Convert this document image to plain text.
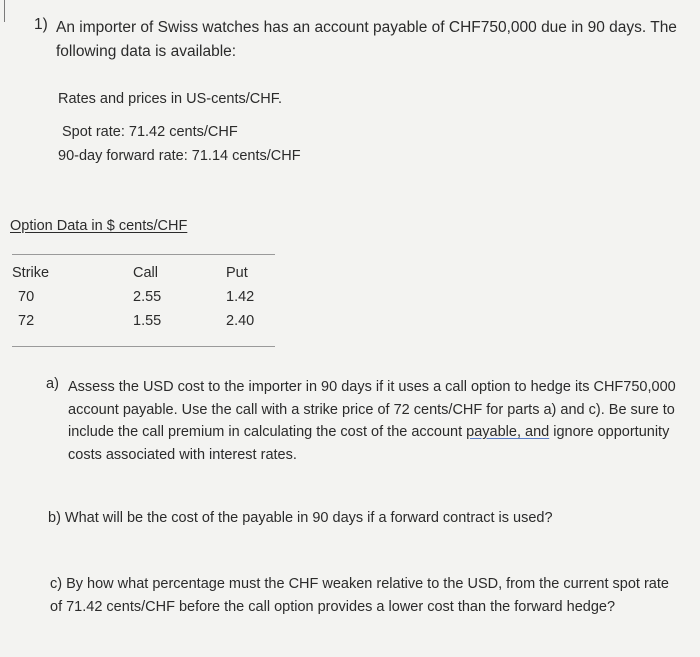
1) An importer of Swiss watches has an account payable of CHF750,000 due in 90 days. The following data is available:
Rates and prices in US-cents/CHF.
Spot rate: 71.42 cents/CHF
90-day forward rate: 71.14 cents/CHF
Option Data in $ cents/CHF
Strike
70
72
Call
2.55
1.55
Put
1.42
2.40
a) Assess the USD cost to the importer in 90 days if it uses a call option to hedge its CHF750,000 account payable. Use the call with a strike price of 72 cents/CHF for parts a) and c). Be sure to include the call premium in calculating the cost of the account payable, and ignore opportunity costs associated with interest rates.
b) What will be the cost of the payable in 90 days if a forward contract is used?
c) By how what percentage must the CHF weaken relative to the USD, from the current spot rate of 71.42 cents/CHF before the call option provides a lower cost than the forward hedge?
